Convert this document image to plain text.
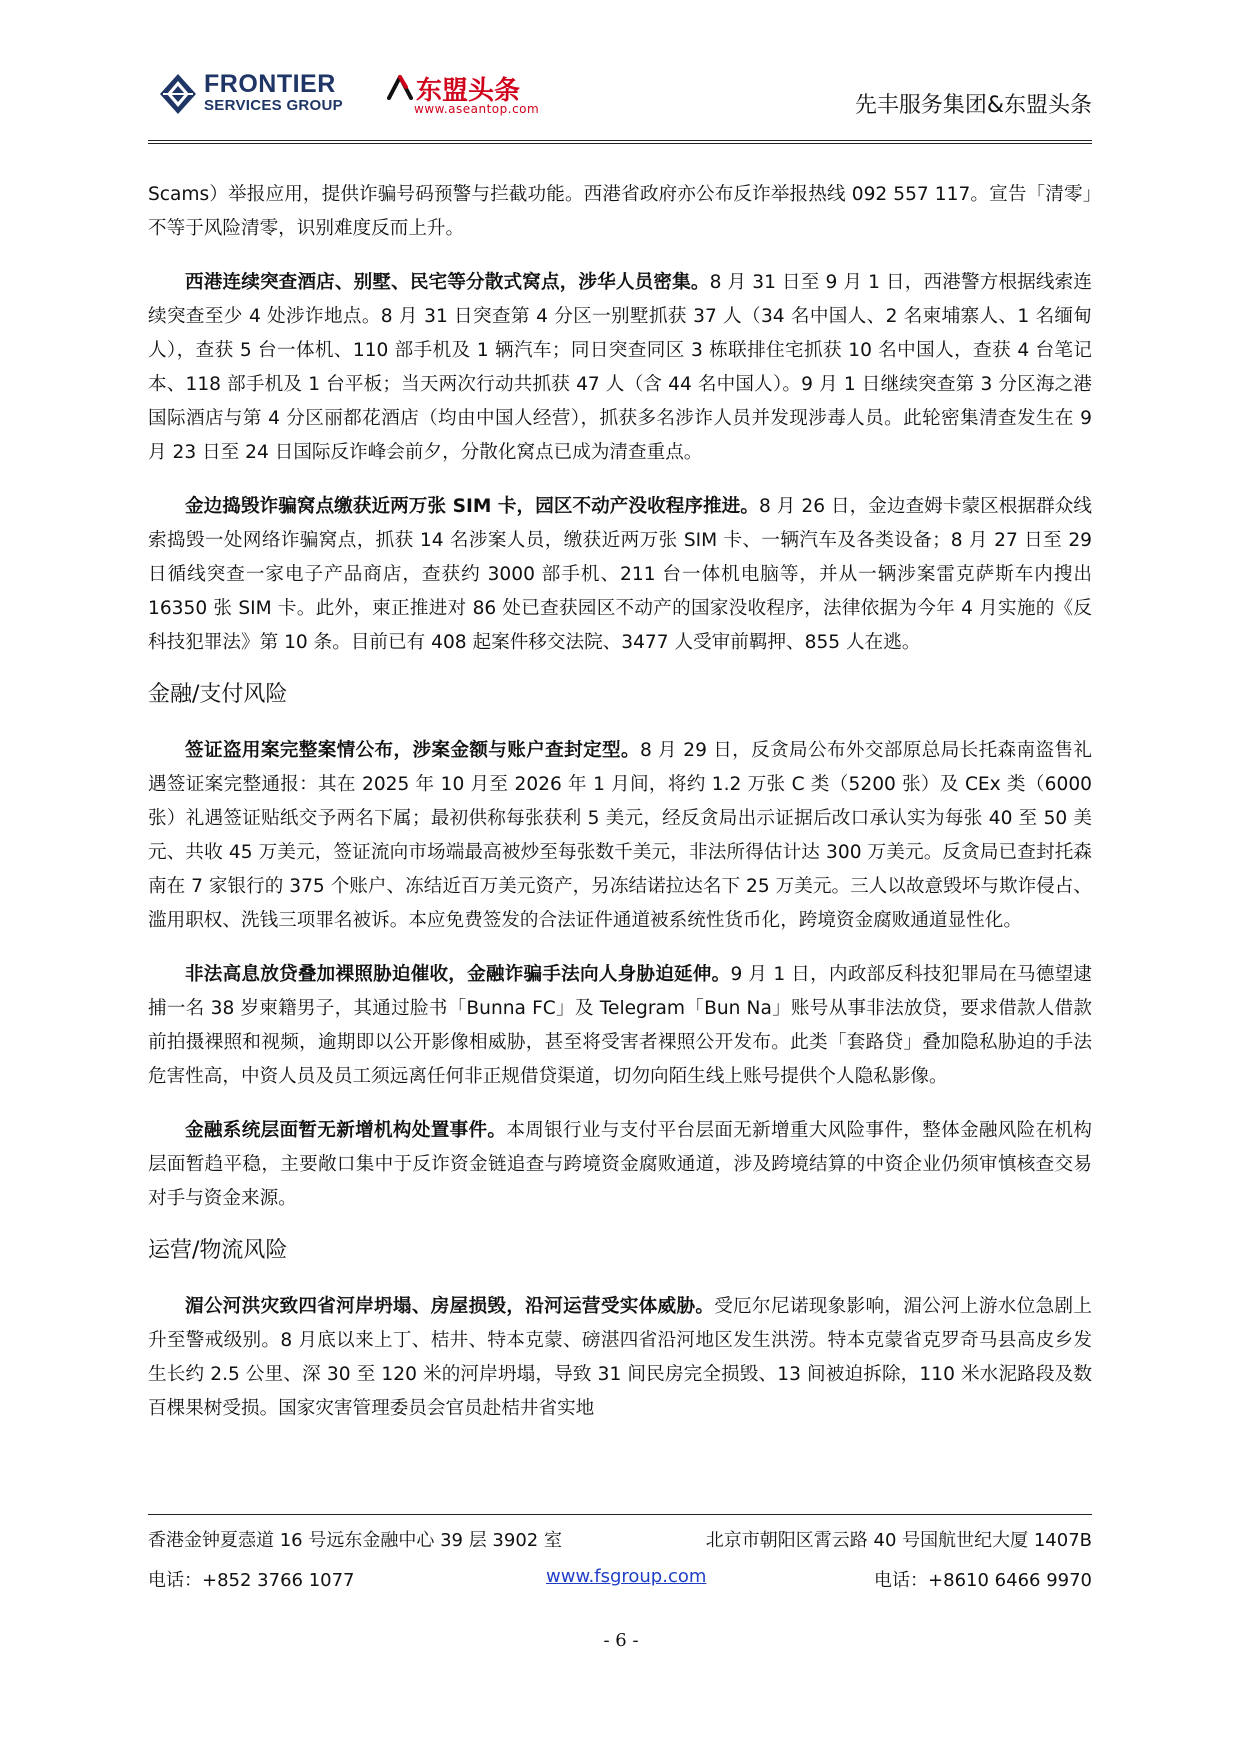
FRONTIER
SERVICES GROUP	东盟头条
www.aseantop.com	先丰服务集团&东盟头条

Scams）举报应用，提供诈骗号码预警与拦截功能。西港省政府亦公布反诈举报热线 092 557 117。宣告「清零」不等于风险清零，识别难度反而上升。

西港连续突查酒店、别墅、民宅等分散式窝点，涉华人员密集。8 月 31 日至 9 月 1 日，西港警方根据线索连续突查至少 4 处涉诈地点。8 月 31 日突查第 4 分区一别墅抓获 37 人（34 名中国人、2 名柬埔寨人、1 名缅甸人），查获 5 台一体机、110 部手机及 1 辆汽车；同日突查同区 3 栋联排住宅抓获 10 名中国人，查获 4 台笔记本、118 部手机及 1 台平板；当天两次行动共抓获 47 人（含 44 名中国人）。9 月 1 日继续突查第 3 分区海之港国际酒店与第 4 分区丽都花酒店（均由中国人经营），抓获多名涉诈人员并发现涉毒人员。此轮密集清查发生在 9 月 23 日至 24 日国际反诈峰会前夕，分散化窝点已成为清查重点。

金边捣毁诈骗窝点缴获近两万张 SIM 卡，园区不动产没收程序推进。8 月 26 日，金边查姆卡蒙区根据群众线索捣毁一处网络诈骗窝点，抓获 14 名涉案人员，缴获近两万张 SIM 卡、一辆汽车及各类设备；8 月 27 日至 29 日循线突查一家电子产品商店，查获约 3000 部手机、211 台一体机电脑等，并从一辆涉案雷克萨斯车内搜出 16350 张 SIM 卡。此外，柬正推进对 86 处已查获园区不动产的国家没收程序，法律依据为今年 4 月实施的《反科技犯罪法》第 10 条。目前已有 408 起案件移交法院、3477 人受审前羁押、855 人在逃。

金融/支付风险

签证盗用案完整案情公布，涉案金额与账户查封定型。8 月 29 日，反贪局公布外交部原总局长托森南盗售礼遇签证案完整通报：其在 2025 年 10 月至 2026 年 1 月间，将约 1.2 万张 C 类（5200 张）及 CEx 类（6000 张）礼遇签证贴纸交予两名下属；最初供称每张获利 5 美元，经反贪局出示证据后改口承认实为每张 40 至 50 美元、共收 45 万美元，签证流向市场端最高被炒至每张数千美元，非法所得估计达 300 万美元。反贪局已查封托森南在 7 家银行的 375 个账户、冻结近百万美元资产，另冻结诺拉达名下 25 万美元。三人以故意毁坏与欺诈侵占、滥用职权、洗钱三项罪名被诉。本应免费签发的合法证件通道被系统性货币化，跨境资金腐败通道显性化。

非法高息放贷叠加裸照胁迫催收，金融诈骗手法向人身胁迫延伸。9 月 1 日，内政部反科技犯罪局在马德望逮捕一名 38 岁柬籍男子，其通过脸书「Bunna FC」及 Telegram「Bun Na」账号从事非法放贷，要求借款人借款前拍摄裸照和视频，逾期即以公开影像相威胁，甚至将受害者裸照公开发布。此类「套路贷」叠加隐私胁迫的手法危害性高，中资人员及员工须远离任何非正规借贷渠道，切勿向陌生线上账号提供个人隐私影像。

金融系统层面暂无新增机构处置事件。本周银行业与支付平台层面无新增重大风险事件，整体金融风险在机构层面暂趋平稳，主要敞口集中于反诈资金链追查与跨境资金腐败通道，涉及跨境结算的中资企业仍须审慎核查交易对手与资金来源。

运营/物流风险

湄公河洪灾致四省河岸坍塌、房屋损毁，沿河运营受实体威胁。受厄尔尼诺现象影响，湄公河上游水位急剧上升至警戒级别。8 月底以来上丁、桔井、特本克蒙、磅湛四省沿河地区发生洪涝。特本克蒙省克罗奇马县高皮乡发生长约 2.5 公里、深 30 至 120 米的河岸坍塌，导致 31 间民房完全损毁、13 间被迫拆除，110 米水泥路段及数百棵果树受损。国家灾害管理委员会官员赴桔井省实地

香港金钟夏悫道 16 号远东金融中心 39 层 3902 室	北京市朝阳区霄云路 40 号国航世纪大厦 1407B
电话：+852 3766 1077	www.fsgroup.com	电话：+8610 6466 9970
- 6 -
